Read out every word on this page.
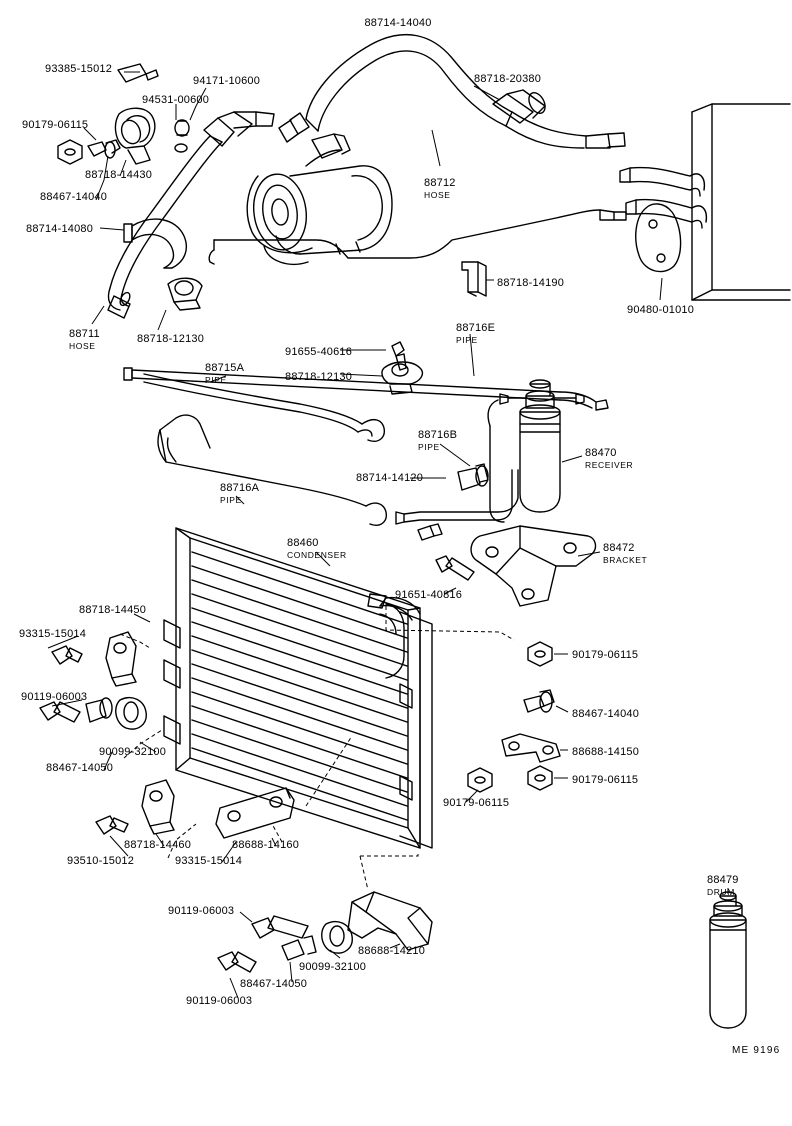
88714-14040
93385-15012
94171-10600	88718-20380
94531-00600
90179-06115
88718-14430
88712
HOSE
88467-14040
88714-14080
88718-14190
90480-01010
88711
HOSE
88718-12130
88716E
PIPE
91655-40616
88718-12130
88715A
PIPE
88716B
PIPE	88470
RECEIVER
88714-14120
88716A
PIPE
88460
CONDENSER
88472
BRACKET
91651-40816
88718-14450
93315-15014
90179-06115
90119-06003
88467-14040
90099-32100	88688-14150
88467-14050
90179-06115
90179-06115
88718-14460	88688-14160
93510-15012	93315-15014
88479
DRUM
90119-06003
88688-14210
90099-32100
88467-14050
90119-06003
ME 9196
